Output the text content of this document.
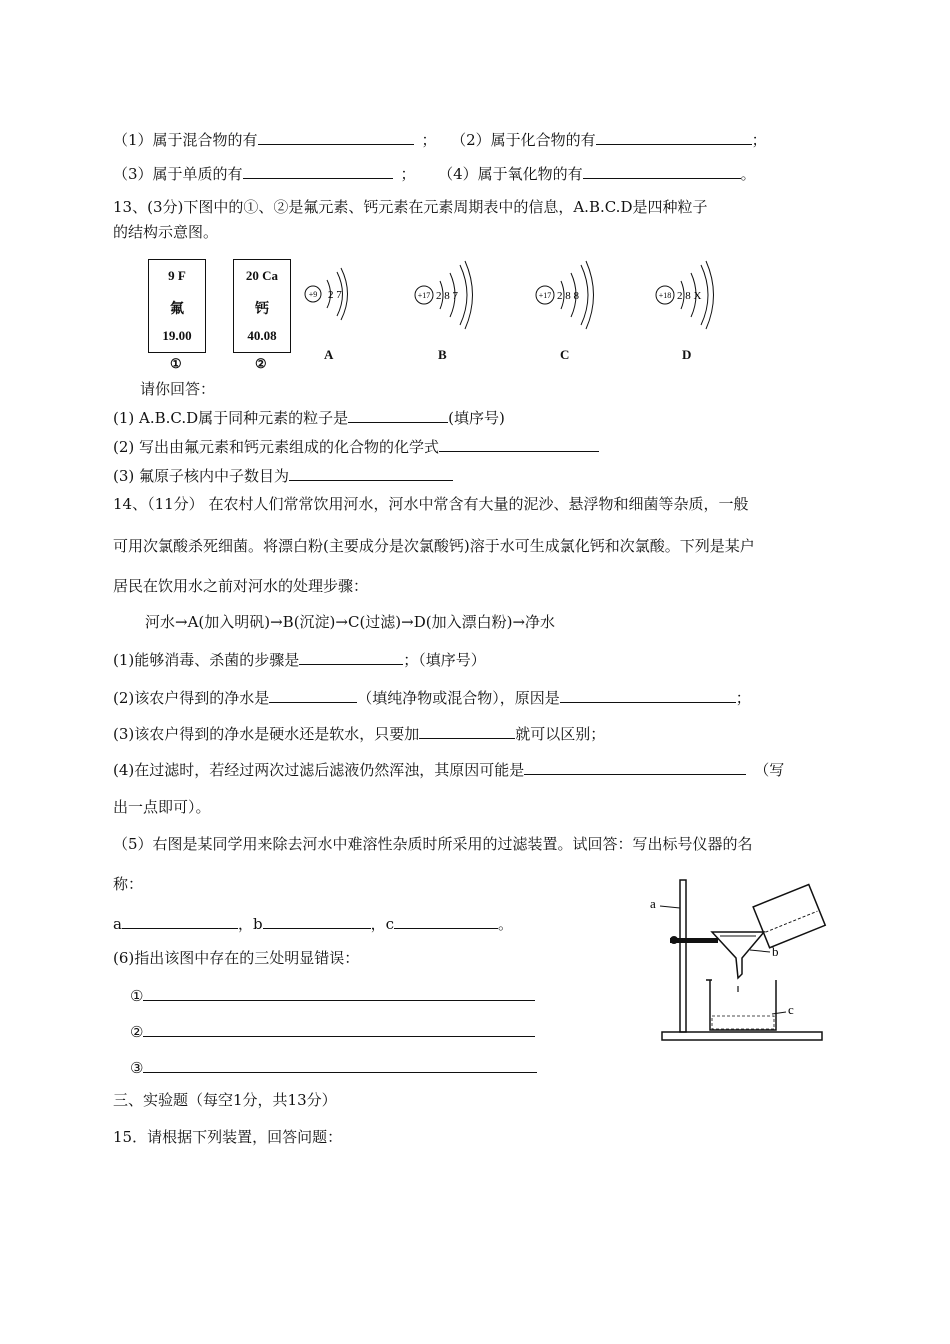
（1）属于混合物的有	； （2）属于化合物的有	；
（3）属于单质的有	； （4）属于氧化物的有	。
13、(3分)下图中的①、②是氟元素、钙元素在元素周期表中的信息，A.B.C.D是四种粒子
的结构示意图。
9 F
氟
19.00
①
20 Ca
钙
40.08
②
+9 2 7
A
+17 2 8 7
B
+17 2 8 8
C
+18 2 8 X
D
请你回答：
(1) A.B.C.D属于同种元素的粒子是	(填序号)
(2) 写出由氟元素和钙元素组成的化合物的化学式
(3) 氟原子核内中子数目为
14、（11分） 在农村人们常常饮用河水，河水中常含有大量的泥沙、悬浮物和细菌等杂质，一般
可用次氯酸杀死细菌。将漂白粉(主要成分是次氯酸钙)溶于水可生成氯化钙和次氯酸。下列是某户
居民在饮用水之前对河水的处理步骤：
河水→A(加入明矾)→B(沉淀)→C(过滤)→D(加入漂白粉)→净水
(1)能够消毒、杀菌的步骤是	；（填序号）
(2)该农户得到的净水是	（填纯净物或混合物），原因是	；
(3)该农户得到的净水是硬水还是软水，只要加	就可以区别；
(4)在过滤时，若经过两次过滤后滤液仍然浑浊，其原因可能是	（写
出一点即可）。
（5）右图是某同学用来除去河水中难溶性杂质时所采用的过滤装置。试回答：写出标号仪器的名
称：
a	，b	，c	。
(6)指出该图中存在的三处明显错误：
①
②
③
a
b
c
三、实验题（每空1分，共13分）
15．请根据下列装置，回答问题：
